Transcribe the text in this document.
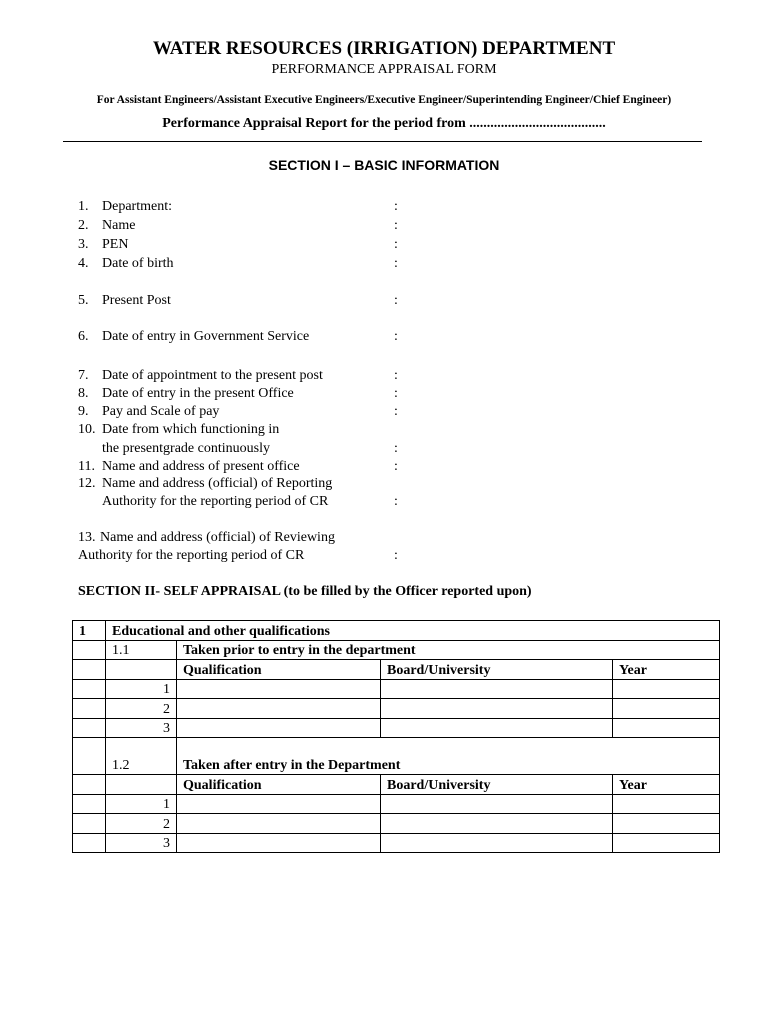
WATER RESOURCES (IRRIGATION) DEPARTMENT
PERFORMANCE APPRAISAL FORM
For Assistant Engineers/Assistant Executive Engineers/Executive Engineer/Superintending Engineer/Chief Engineer)
Performance Appraisal Report for the period from .......................................
SECTION I – BASIC INFORMATION
1. Department:	:
2. Name	:
3. PEN	:
4. Date of birth	:
5. Present Post	:
6. Date of entry in Government Service	:
7. Date of appointment to the present post	:
8. Date of entry in the present Office	:
9. Pay and Scale of pay	:
10. Date from which functioning in
the presentgrade continuously	:
11. Name and address of present office	:
12. Name and address (official) of Reporting
Authority for the reporting period of CR	:
13. Name and address (official) of Reviewing
Authority for the reporting period of CR	:
SECTION II- SELF APPRAISAL (to be filled by the Officer reported upon)
1	Educational and other qualifications			
	1.1	Taken prior to entry in the department		
		Qualification	Board/University	Year
	1			
	2			
	3			
	1.2	Taken after entry in the Department		
		Qualification	Board/University	Year
	1			
	2			
	3			
